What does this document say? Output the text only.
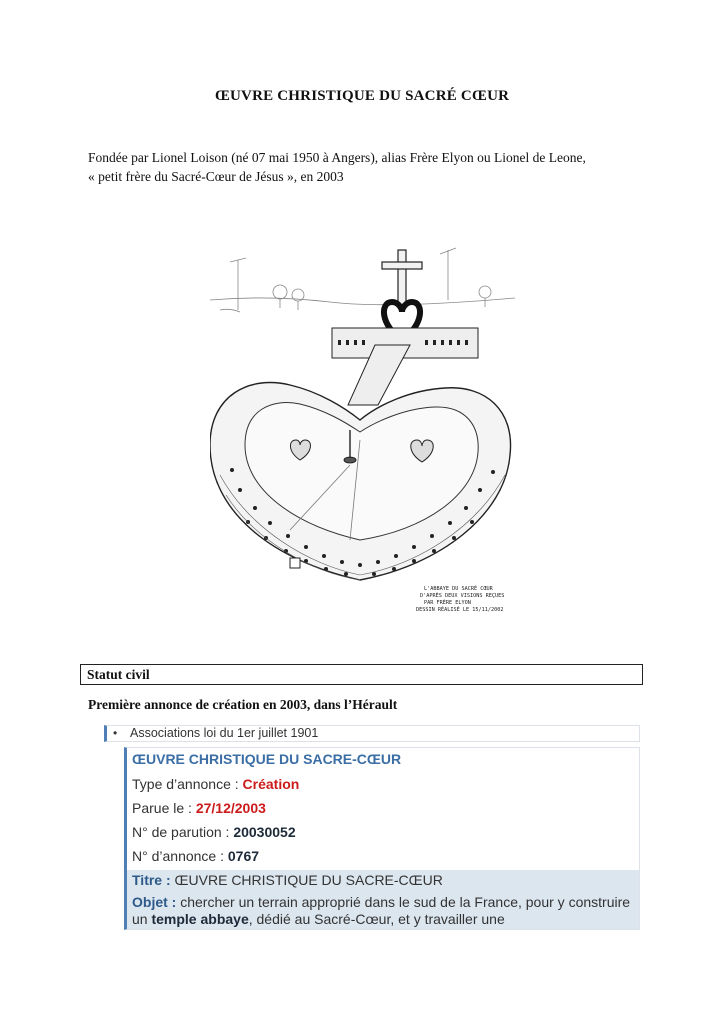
ŒUVRE CHRISTIQUE DU SACRÉ CŒUR
Fondée par Lionel Loison (né 07 mai 1950 à Angers), alias Frère Elyon ou Lionel de Leone,
« petit frère du Sacré-Cœur de Jésus », en 2003
L'ABBAYE DU SACRÉ CŒUR
D'APRÈS DEUX VISIONS REÇUES
PAR FRÈRE ELYON
DESSIN RÉALISÉ LE 15/11/2002
Statut civil
Première annonce de création en 2003, dans l’Hérault
• Associations loi du 1er juillet 1901
ŒUVRE CHRISTIQUE DU SACRE-CŒUR
Type d’annonce : Création
Parue le : 27/12/2003
N° de parution : 20030052
N° d’annonce : 0767
Titre : ŒUVRE CHRISTIQUE DU SACRE-CŒUR
Objet : chercher un terrain approprié dans le sud de la France, pour y construire un temple abbaye, dédié au Sacré-Cœur, et y travailler une
